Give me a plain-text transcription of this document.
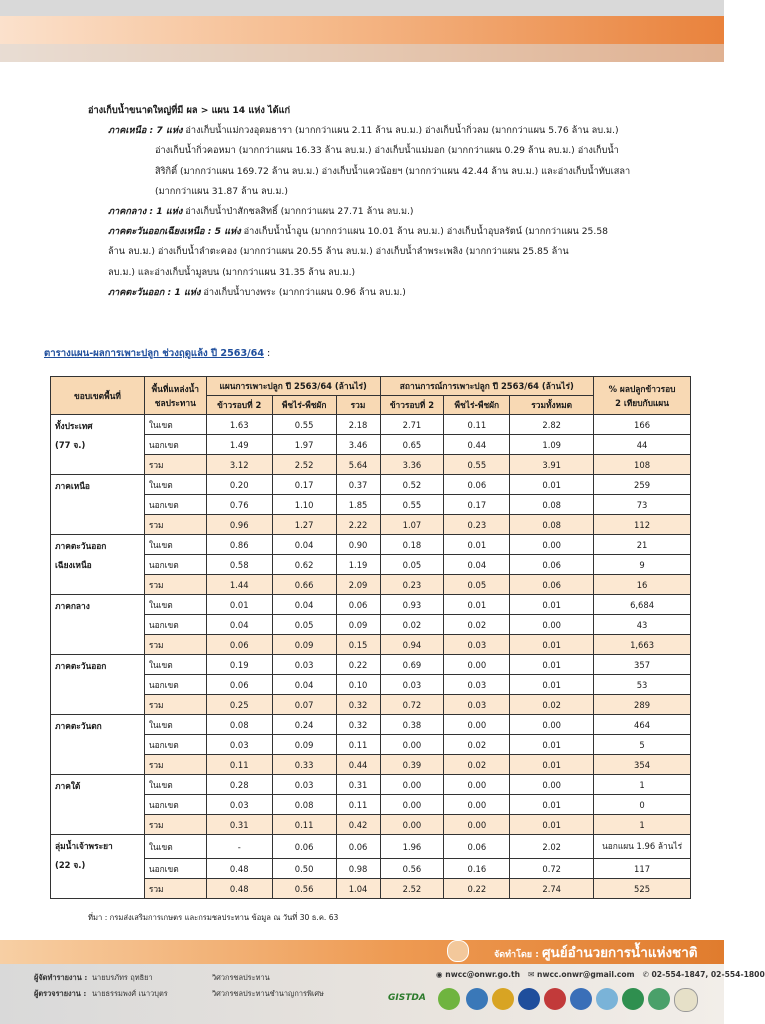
อ่างเก็บน้ำขนาดใหญ่ที่มี ผล > แผน 14 แห่ง ได้แก่
ภาคเหนือ : 7 แห่ง อ่างเก็บน้ำแม่กวงอุดมธารา (มากกว่าแผน 2.11 ล้าน ลบ.ม.) อ่างเก็บน้ำกิ่วลม (มากกว่าแผน 5.76 ล้าน ลบ.ม.)
อ่างเก็บน้ำกิ่วคอหมา (มากกว่าแผน 16.33 ล้าน ลบ.ม.) อ่างเก็บน้ำแม่มอก (มากกว่าแผน 0.29 ล้าน ลบ.ม.) อ่างเก็บน้ำ
สิริกิติ์ (มากกว่าแผน 169.72 ล้าน ลบ.ม.) อ่างเก็บน้ำแควน้อยฯ (มากกว่าแผน 42.44 ล้าน ลบ.ม.) และอ่างเก็บน้ำทับเสลา
(มากกว่าแผน 31.87 ล้าน ลบ.ม.)
ภาคกลาง : 1 แห่ง อ่างเก็บน้ำป่าสักชลสิทธิ์ (มากกว่าแผน 27.71 ล้าน ลบ.ม.)
ภาคตะวันออกเฉียงเหนือ : 5 แห่ง อ่างเก็บน้ำน้ำอูน (มากกว่าแผน 10.01 ล้าน ลบ.ม.) อ่างเก็บน้ำอุบลรัตน์ (มากกว่าแผน 25.58
ล้าน ลบ.ม.) อ่างเก็บน้ำลำตะคอง (มากกว่าแผน 20.55 ล้าน ลบ.ม.) อ่างเก็บน้ำลำพระเพลิง (มากกว่าแผน 25.85 ล้าน
ลบ.ม.) และอ่างเก็บน้ำมูลบน (มากกว่าแผน 31.35 ล้าน ลบ.ม.)
ภาคตะวันออก : 1 แห่ง อ่างเก็บน้ำบางพระ (มากกว่าแผน 0.96 ล้าน ลบ.ม.)
ตารางแผน-ผลการเพาะปลูก ช่วงฤดูแล้ง ปี 2563/64 :
ขอบเขตพื้นที่	พื้นที่แหล่งน้ำ
ชลประทาน	แผนการเพาะปลูก ปี 2563/64 (ล้านไร่)			สถานการณ์การเพาะปลูก ปี 2563/64 (ล้านไร่)			% ผลปลูกข้าวรอบ
2 เทียบกับแผน
		ข้าวรอบที่ 2	พืชไร่-พืชผัก	รวม	ข้าวรอบที่ 2	พืชไร่-พืชผัก	รวมทั้งหมด	
ทั้งประเทศ
(77 จ.)	ในเขต	1.63	0.55	2.18	2.71	0.11	2.82	166
	นอกเขต	1.49	1.97	3.46	0.65	0.44	1.09	44
	รวม	3.12	2.52	5.64	3.36	0.55	3.91	108
ภาคเหนือ	ในเขต	0.20	0.17	0.37	0.52	0.06	0.01	259
	นอกเขต	0.76	1.10	1.85	0.55	0.17	0.08	73
	รวม	0.96	1.27	2.22	1.07	0.23	0.08	112
ภาคตะวันออก
เฉียงเหนือ	ในเขต	0.86	0.04	0.90	0.18	0.01	0.00	21
	นอกเขต	0.58	0.62	1.19	0.05	0.04	0.06	9
	รวม	1.44	0.66	2.09	0.23	0.05	0.06	16
ภาคกลาง	ในเขต	0.01	0.04	0.06	0.93	0.01	0.01	6,684
	นอกเขต	0.04	0.05	0.09	0.02	0.02	0.00	43
	รวม	0.06	0.09	0.15	0.94	0.03	0.01	1,663
ภาคตะวันออก	ในเขต	0.19	0.03	0.22	0.69	0.00	0.01	357
	นอกเขต	0.06	0.04	0.10	0.03	0.03	0.01	53
	รวม	0.25	0.07	0.32	0.72	0.03	0.02	289
ภาคตะวันตก	ในเขต	0.08	0.24	0.32	0.38	0.00	0.00	464
	นอกเขต	0.03	0.09	0.11	0.00	0.02	0.01	5
	รวม	0.11	0.33	0.44	0.39	0.02	0.01	354
ภาคใต้	ในเขต	0.28	0.03	0.31	0.00	0.00	0.00	1
	นอกเขต	0.03	0.08	0.11	0.00	0.00	0.01	0
	รวม	0.31	0.11	0.42	0.00	0.00	0.01	1
ลุ่มน้ำเจ้าพระยา
(22 จ.)	ในเขต	-	0.06	0.06	1.96	0.06	2.02	นอกแผน 1.96 ล้านไร่
	นอกเขต	0.48	0.50	0.98	0.56	0.16	0.72	117
	รวม	0.48	0.56	1.04	2.52	0.22	2.74	525
ที่มา : กรมส่งเสริมการเกษตร และกรมชลประทาน ข้อมูล ณ วันที่ 30 ธ.ค. 63
จัดทำโดย : ศูนย์อำนวยการน้ำแห่งชาติ
◉ nwcc@onwr.go.th ✉ nwcc.onwr@gmail.com ✆ 02-554-1847, 02-554-1800
ผู้จัดทำรายงาน : นายบรภัทร ฤทธิยา	วิศวกรชลประทาน
ผู้ตรวจรายงาน : นายธรรมพงศ์ เนาวบุตร	วิศวกรชลประทานชำนาญการพิเศษ	GISTDA
